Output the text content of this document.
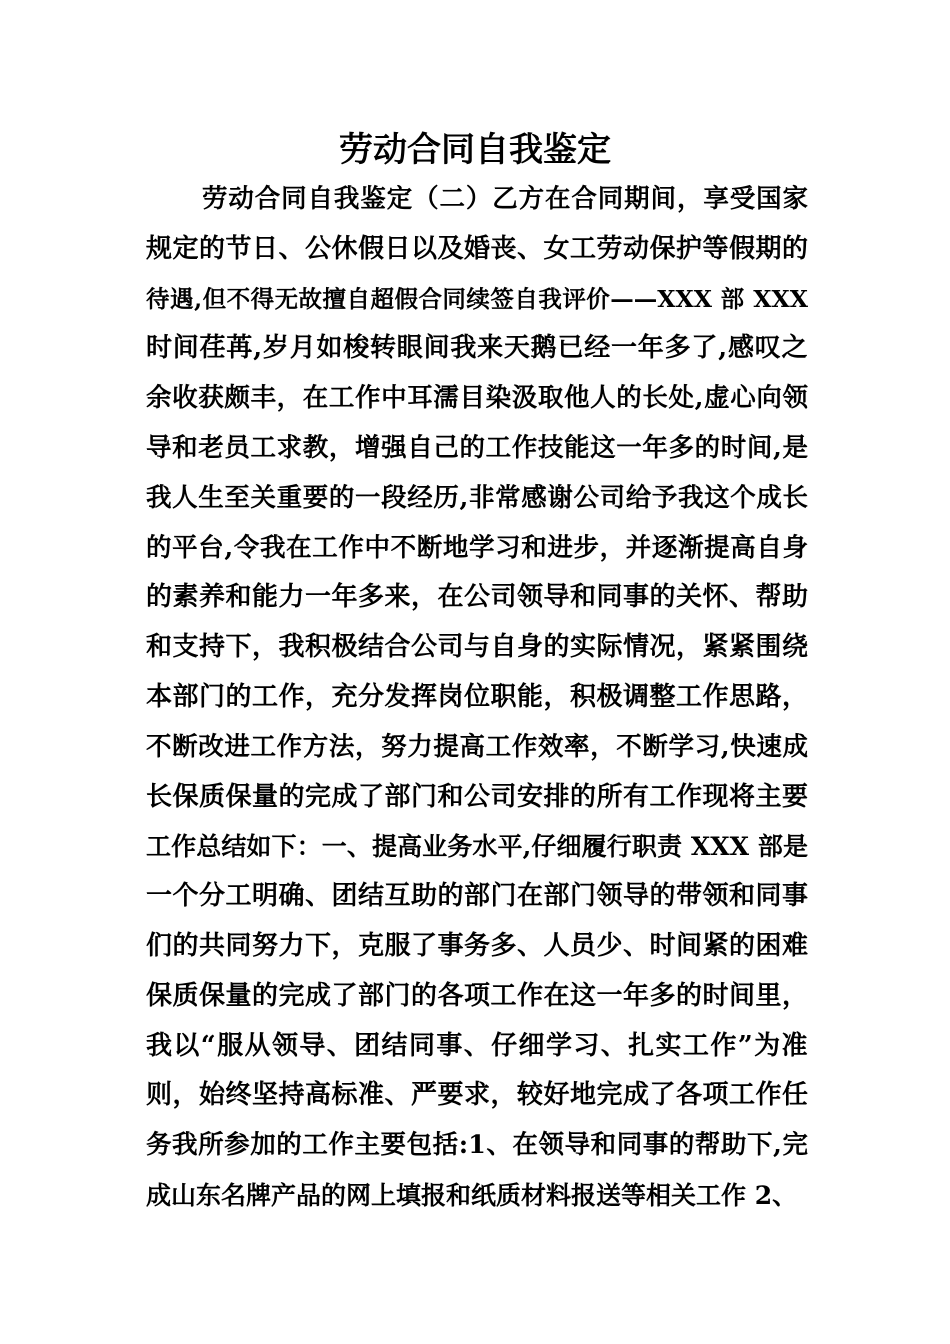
劳动合同自我鉴定
劳动合同自我鉴定（二）乙方在合同期间，享受国家
规定的节日、公休假日以及婚丧、女工劳动保护等假期的
待遇,但不得无故擅自超假合同续签自我评价——XXX 部 XXX
时间荏苒,岁月如梭转眼间我来天鹅已经一年多了,感叹之
余收获颇丰，在工作中耳濡目染汲取他人的长处,虚心向领
导和老员工求教，增强自己的工作技能这一年多的时间,是
我人生至关重要的一段经历,非常感谢公司给予我这个成长
的平台,令我在工作中不断地学习和进步，并逐渐提高自身
的素养和能力一年多来，在公司领导和同事的关怀、帮助
和支持下，我积极结合公司与自身的实际情况，紧紧围绕
本部门的工作，充分发挥岗位职能，积极调整工作思路，
不断改进工作方法，努力提高工作效率，不断学习,快速成
长保质保量的完成了部门和公司安排的所有工作现将主要
工作总结如下：一、提高业务水平,仔细履行职责 XXX 部是
一个分工明确、团结互助的部门在部门领导的带领和同事
们的共同努力下，克服了事务多、人员少、时间紧的困难
保质保量的完成了部门的各项工作在这一年多的时间里，
我以“服从领导、团结同事、仔细学习、扎实工作”为准
则，始终坚持高标准、严要求，较好地完成了各项工作任
务我所参加的工作主要包括:1、在领导和同事的帮助下,完
成山东名牌产品的网上填报和纸质材料报送等相关工作 2、
